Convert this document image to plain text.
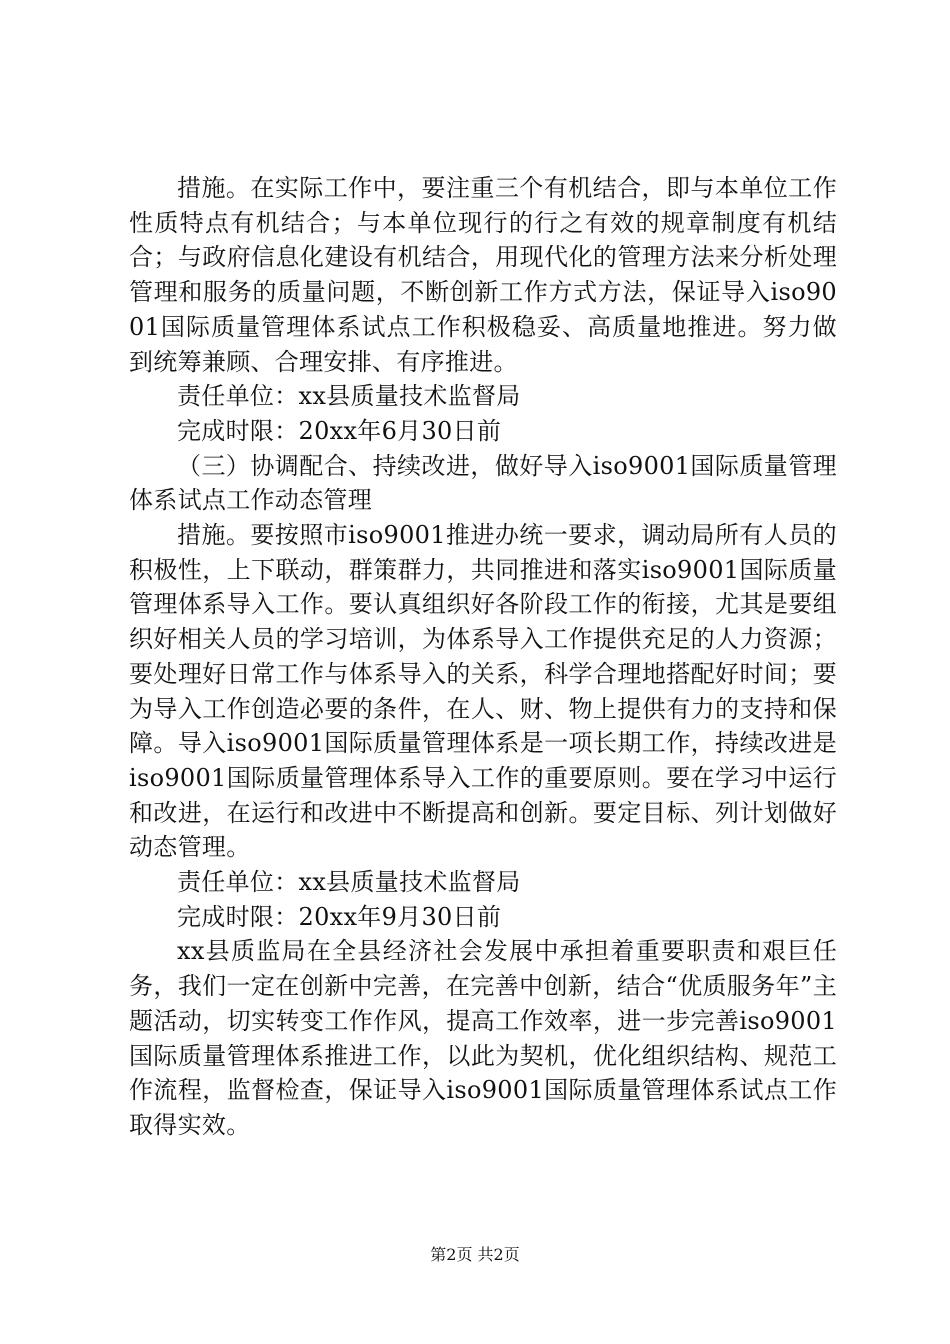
措施。在实际工作中，要注重三个有机结合，即与本单位工作性质特点有机结合；与本单位现行的行之有效的规章制度有机结合；与政府信息化建设有机结合，用现代化的管理方法来分析处理管理和服务的质量问题，不断创新工作方式方法，保证导入iso9001国际质量管理体系试点工作积极稳妥、高质量地推进。努力做到统筹兼顾、合理安排、有序推进。

责任单位：xx县质量技术监督局

完成时限：20xx年6月30日前

（三）协调配合、持续改进，做好导入iso9001国际质量管理体系试点工作动态管理

措施。要按照市iso9001推进办统一要求，调动局所有人员的积极性，上下联动，群策群力，共同推进和落实iso9001国际质量管理体系导入工作。要认真组织好各阶段工作的衔接，尤其是要组织好相关人员的学习培训，为体系导入工作提供充足的人力资源；要处理好日常工作与体系导入的关系，科学合理地搭配好时间；要为导入工作创造必要的条件，在人、财、物上提供有力的支持和保障。导入iso9001国际质量管理体系是一项长期工作，持续改进是iso9001国际质量管理体系导入工作的重要原则。要在学习中运行和改进，在运行和改进中不断提高和创新。要定目标、列计划做好动态管理。

责任单位：xx县质量技术监督局

完成时限：20xx年9月30日前

xx县质监局在全县经济社会发展中承担着重要职责和艰巨任务，我们一定在创新中完善，在完善中创新，结合“优质服务年”主题活动，切实转变工作作风，提高工作效率，进一步完善iso9001国际质量管理体系推进工作，以此为契机，优化组织结构、规范工作流程，监督检查，保证导入iso9001国际质量管理体系试点工作取得实效。

第2页 共2页
